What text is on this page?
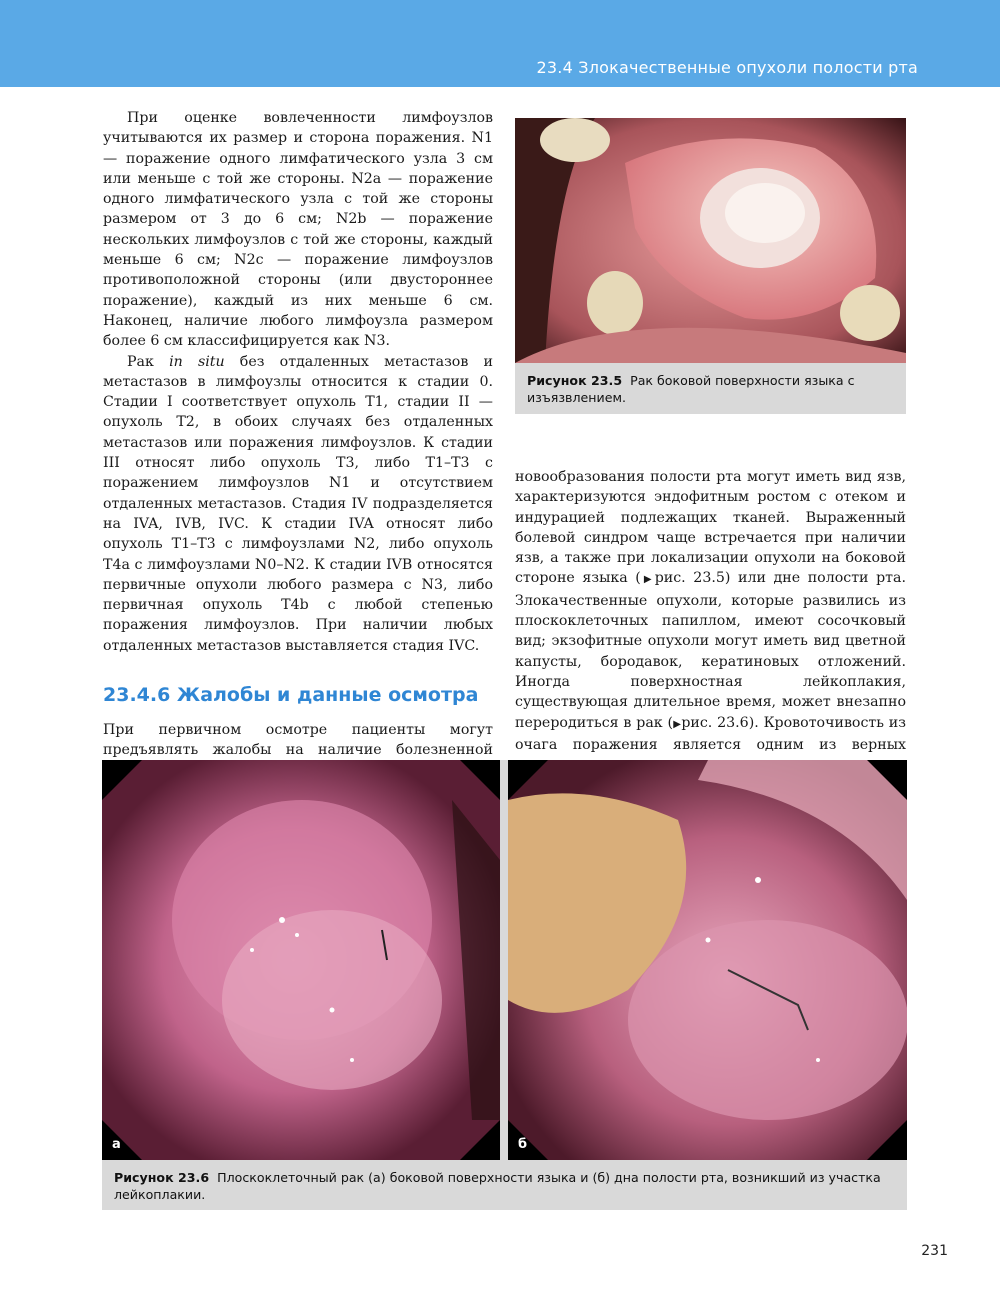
23.4 Злокачественные опухоли полости рта

При оценке вовлеченности лимфоузлов учитываются их размер и сторона поражения. N1 — поражение одного лимфатического узла 3 см или меньше с той же стороны. N2a — поражение одного лимфатического узла с той же стороны размером от 3 до 6 см; N2b — поражение нескольких лимфоузлов с той же стороны, каждый меньше 6 см; N2c — поражение лимфоузлов противоположной стороны (или двустороннее поражение), каждый из них меньше 6 см. Наконец, наличие любого лимфоузла размером более 6 см классифицируется как N3.

Рак in situ без отдаленных метастазов и метастазов в лимфоузлы относится к стадии 0. Стадии I соответствует опухоль T1, стадии II — опухоль T2, в обоих случаях без отдаленных метастазов или поражения лимфоузлов. К стадии III относят либо опухоль T3, либо T1–T3 с поражением лимфоузлов N1 и отсутствием отдаленных метастазов. Стадия IV подразделяется на IVA, IVB, IVC. К стадии IVA относят либо опухоль T1–T3 с лимфоузлами N2, либо опухоль T4a с лимфоузлами N0–N2. К стадии IVB относятся первичные опухоли любого размера с N3, либо первичная опухоль T4b с любой степенью поражения лимфоузлов. При наличии любых отдаленных метастазов выставляется стадия IVC.

23.4.6 Жалобы и данные осмотра

При первичном осмотре пациенты могут предъявлять жалобы на наличие болезненной

Рисунок 23.5 Рак боковой поверхности языка с изъязвлением.

новообразования полости рта могут иметь вид язв, характеризуются эндофитным ростом с отеком и индурацией подлежащих тканей. Выраженный болевой синдром чаще встречается при наличии язв, а также при локализации опухоли на боковой стороне языка (▶рис. 23.5) или дне полости рта. Злокачественные опухоли, которые развились из плоскоклеточных папиллом, имеют сосочковый вид; экзофитные опухоли могут иметь вид цветной капусты, бородавок, кератиновых отложений. Иногда поверхностная лейкоплакия, существующая длительное время, может внезапно переродиться в рак (▶рис. 23.6). Кровоточивость из очага поражения является одним из верных

а	б
Рисунок 23.6 Плоскоклеточный рак (а) боковой поверхности языка и (б) дна полости рта, возникший из участка лейкоплакии.
231
